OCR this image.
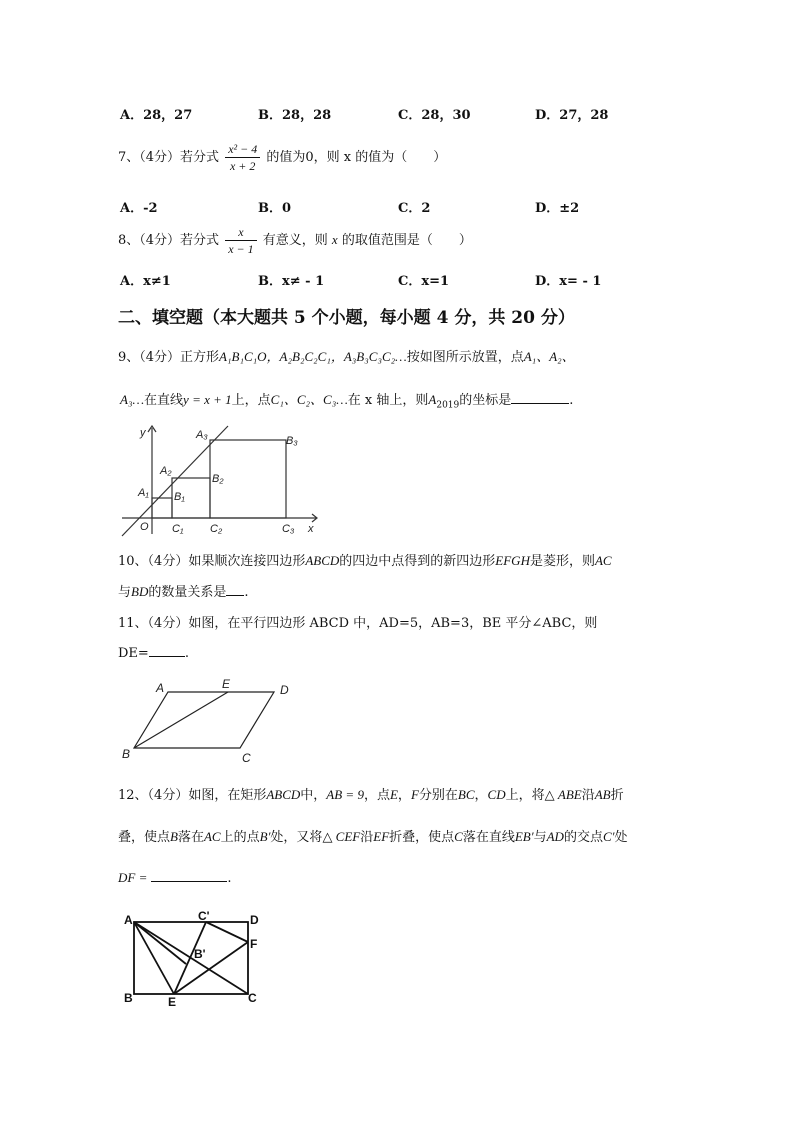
A．28，27	B．28，28	C．28，30	D．27，28
7、（4分）若分式 $\frac{\text{x² − 4}}{x + 2}$ 的值为0，则 x 的值为（　　）
A．-2	B．0	C．2	D．±2
8、（4分）若分式 $\frac{x}{x - 1}$ 有意义，则 x 的取值范围是（　　）
A．x≠1	B．x≠ - 1	C．x=1	D．x= - 1
二、填空题（本大题共 5 个小题，每小题 4 分，共 20 分）
9、（4分）正方形A₁B₁C₁O，A₂B₂C₂C₁，A₃B₃C₃C₂…按如图所示放置，点A₁、A₂、
A₃…在直线y = x + 1上，点C₁、C₂、C₃…在 x 轴上，则$A_{2019}$的坐标是	.
y
x
O
A₁
A₂
A₃
B₁
B₂
B₃
C₁ C₂	C₃
10、（4分）如果顺次连接四边形ABCD的四边中点得到的新四边形EFGH是菱形，则AC
与BD的数量关系是 .
11、（4分）如图，在平行四边形 ABCD 中，AD=5，AB=3，BE 平分∠ABC，则
DE=	.
A	E	D
B	C
12、（4分）如图，在矩形ABCD中，AB = 9，点E，F分别在BC，CD上，将△ ABE沿AB折
叠，使点B落在AC上的点B′处，又将△ CEF沿EF折叠，使点C落在直线EB′与AD的交点C′处
DF =	.
A	C'	D
F
B'
B	E	C
